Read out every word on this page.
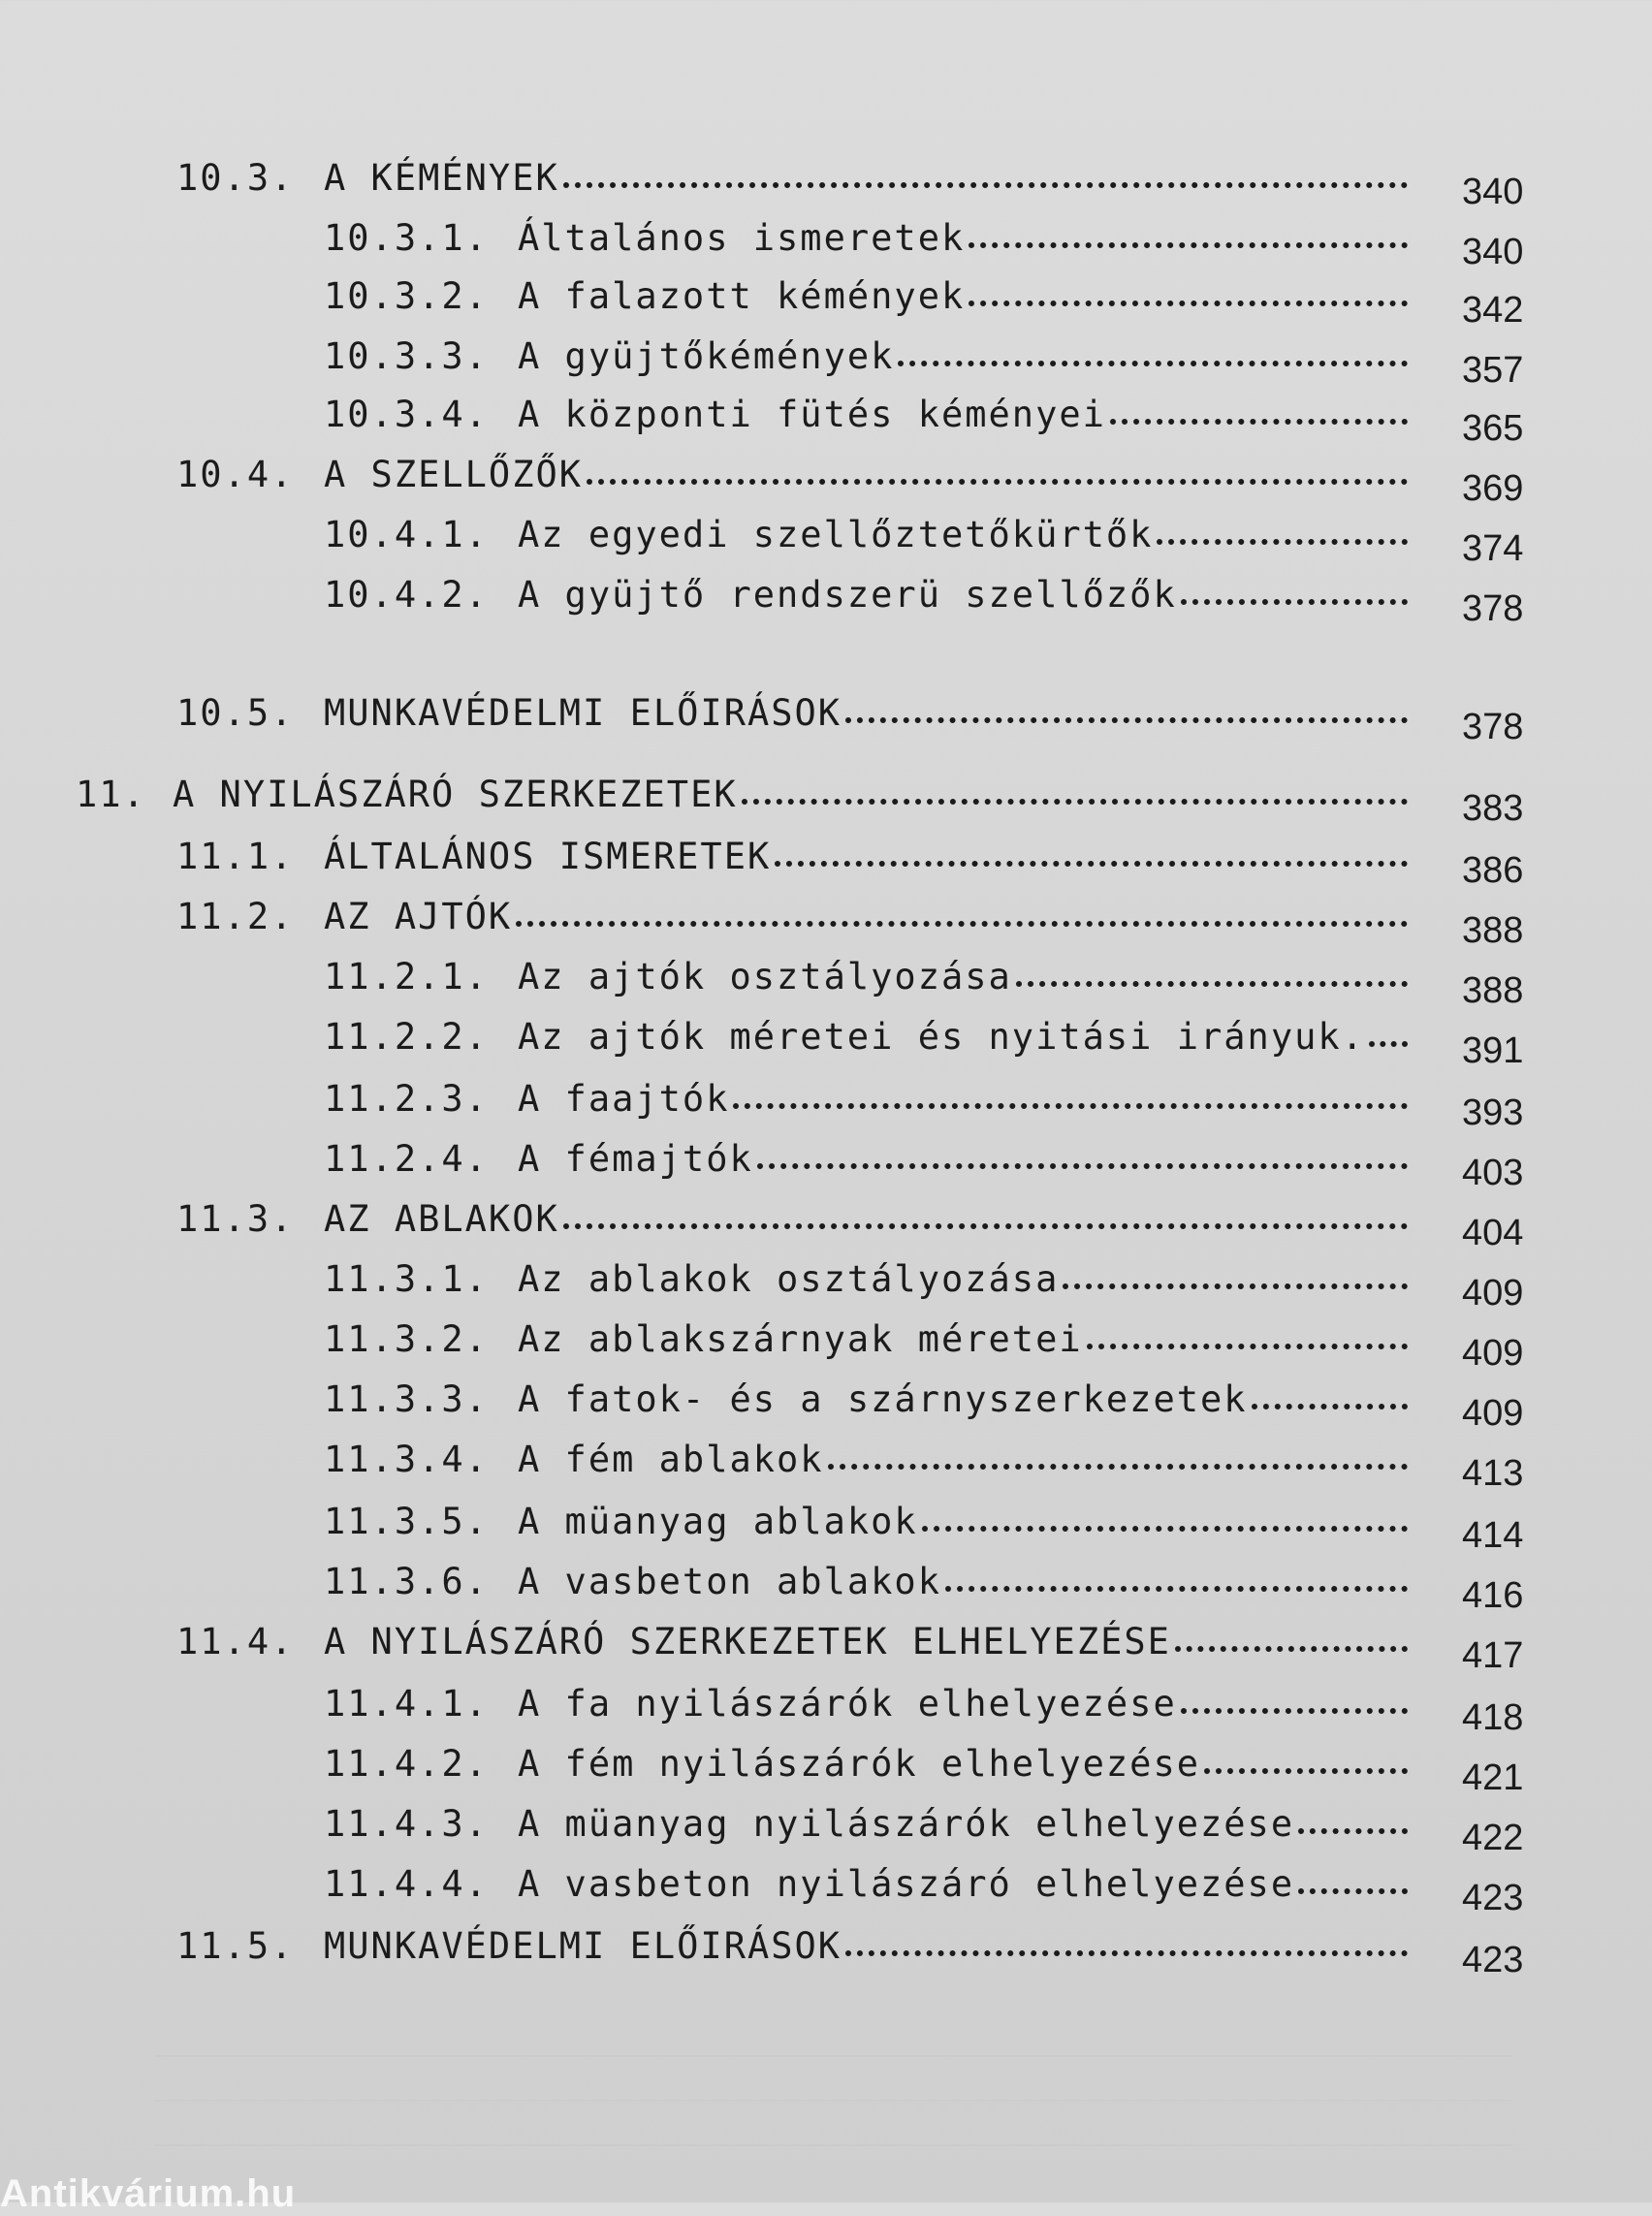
10.3. A KÉMÉNYEK	340
10.3.1. Általános ismeretek	340
10.3.2. A falazott kémények	342
10.3.3. A gyüjtőkémények	357
10.3.4. A központi fütés kéményei	365
10.4. A SZELLŐZŐK	369
10.4.1. Az egyedi szellőztetőkürtők	374
10.4.2. A gyüjtő rendszerü szellőzők	378
10.5. MUNKAVÉDELMI ELŐIRÁSOK	378
11. A NYILÁSZÁRÓ SZERKEZETEK	383
11.1. ÁLTALÁNOS ISMERETEK	386
11.2. AZ AJTÓK	388
11.2.1. Az ajtók osztályozása	388
11.2.2. Az ajtók méretei és nyitási irányuk.	391
11.2.3. A faajtók	393
11.2.4. A fémajtók	403
11.3. AZ ABLAKOK	404
11.3.1. Az ablakok osztályozása	409
11.3.2. Az ablakszárnyak méretei	409
11.3.3. A fatok- és a szárnyszerkezetek	409
11.3.4. A fém ablakok	413
11.3.5. A müanyag ablakok	414
11.3.6. A vasbeton ablakok	416
11.4. A NYILÁSZÁRÓ SZERKEZETEK ELHELYEZÉSE	417
11.4.1. A fa nyilászárók elhelyezése	418
11.4.2. A fém nyilászárók elhelyezése	421
11.4.3. A müanyag nyilászárók elhelyezése	422
11.4.4. A vasbeton nyilászáró elhelyezése	423
11.5. MUNKAVÉDELMI ELŐIRÁSOK	423
Antikvárium.hu
